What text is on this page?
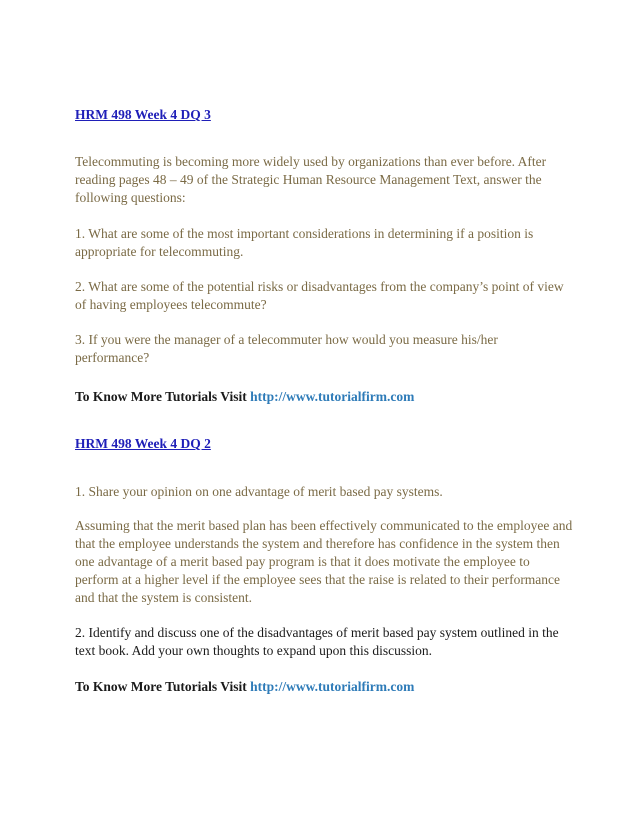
HRM 498 Week 4 DQ 3

Telecommuting is becoming more widely used by organizations than ever before. After reading pages 48 – 49 of the Strategic Human Resource Management Text, answer the following questions:

1. What are some of the most important considerations in determining if a position is appropriate for telecommuting.

2. What are some of the potential risks or disadvantages from the company’s point of view of having employees telecommute?

3. If you were the manager of a telecommuter how would you measure his/her performance?

To Know More Tutorials Visit http://www.tutorialfirm.com

HRM 498 Week 4 DQ 2

1. Share your opinion on one advantage of merit based pay systems.

Assuming that the merit based plan has been effectively communicated to the employee and that the employee understands the system and therefore has confidence in the system then one advantage of a merit based pay program is that it does motivate the employee to perform at a higher level if the employee sees that the raise is related to their performance and that the system is consistent.

2. Identify and discuss one of the disadvantages of merit based pay system outlined in the text book. Add your own thoughts to expand upon this discussion.

To Know More Tutorials Visit http://www.tutorialfirm.com
